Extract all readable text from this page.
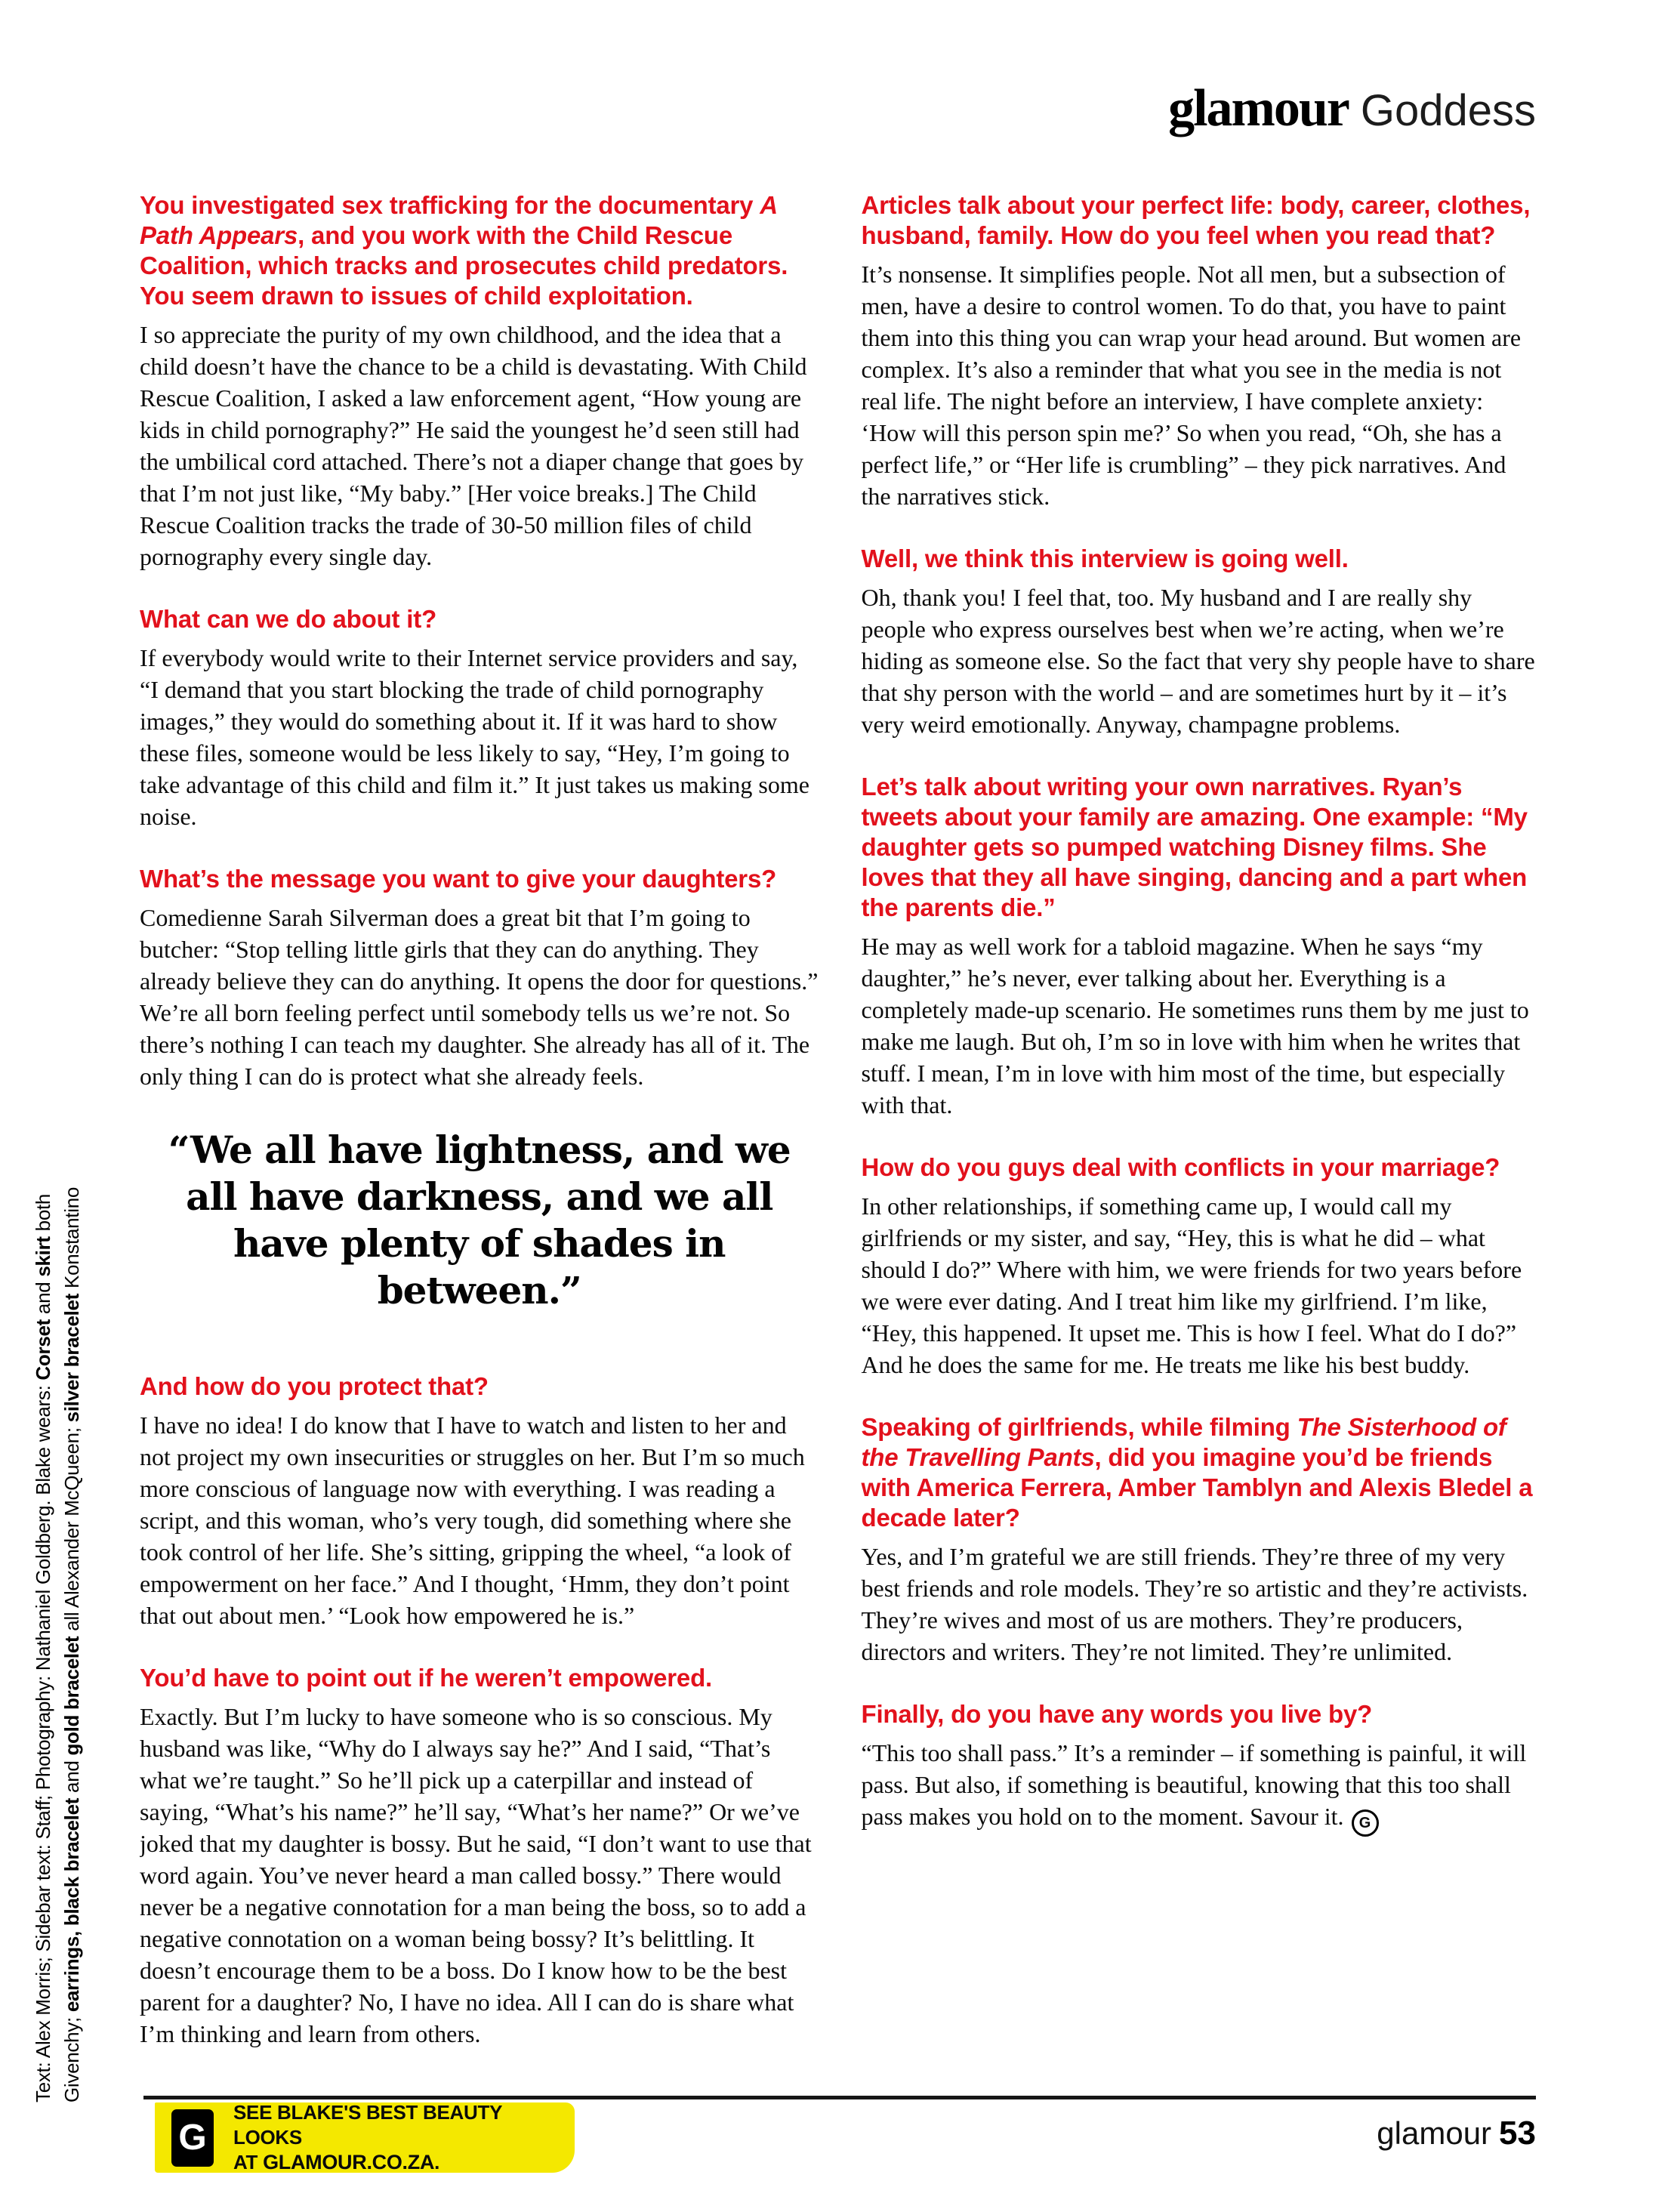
glamour Goddess
You investigated sex trafficking for the documentary A Path Appears, and you work with the Child Rescue Coalition, which tracks and prosecutes child predators. You seem drawn to issues of child exploitation.

I so appreciate the purity of my own childhood, and the idea that a child doesn’t have the chance to be a child is devastating. With Child Rescue Coalition, I asked a law enforcement agent, “How young are kids in child pornography?” He said the youngest he’d seen still had the umbilical cord attached. There’s not a diaper change that goes by that I’m not just like, “My baby.” [Her voice breaks.] The Child Rescue Coalition tracks the trade of 30-50 million files of child pornography every single day.

What can we do about it?

If everybody would write to their Internet service providers and say, “I demand that you start blocking the trade of child pornography images,” they would do something about it. If it was hard to show these files, someone would be less likely to say, “Hey, I’m going to take advantage of this child and film it.” It just takes us making some noise.

What’s the message you want to give your daughters?

Comedienne Sarah Silverman does a great bit that I’m going to butcher: “Stop telling little girls that they can do anything. They already believe they can do anything. It opens the door for questions.” We’re all born feeling perfect until somebody tells us we’re not. So there’s nothing I can teach my daughter. She already has all of it. The only thing I can do is protect what she already feels.

“We all have lightness, and we all have darkness, and we all have plenty of shades in between.”
And how do you protect that?

I have no idea! I do know that I have to watch and listen to her and not project my own insecurities or struggles on her. But I’m so much more conscious of language now with everything. I was reading a script, and this woman, who’s very tough, did something where she took control of her life. She’s sitting, gripping the wheel, “a look of empowerment on her face.” And I thought, ‘Hmm, they don’t point that out about men.’ “Look how empowered he is.”

You’d have to point out if he weren’t empowered.

Exactly. But I’m lucky to have someone who is so conscious. My husband was like, “Why do I always say he?” And I said, “That’s what we’re taught.” So he’ll pick up a caterpillar and instead of saying, “What’s his name?” he’ll say, “What’s her name?” Or we’ve joked that my daughter is bossy. But he said, “I don’t want to use that word again. You’ve never heard a man called bossy.” There would never be a negative connotation for a man being the boss, so to add a negative connotation on a woman being bossy? It’s belittling. It doesn’t encourage them to be a boss. Do I know how to be the best parent for a daughter? No, I have no idea. All I can do is share what I’m thinking and learn from others.

Articles talk about your perfect life: body, career, clothes, husband, family. How do you feel when you read that?

It’s nonsense. It simplifies people. Not all men, but a subsection of men, have a desire to control women. To do that, you have to paint them into this thing you can wrap your head around. But women are complex. It’s also a reminder that what you see in the media is not real life. The night before an interview, I have complete anxiety: ‘How will this person spin me?’ So when you read, “Oh, she has a perfect life,” or “Her life is crumbling” – they pick narratives. And the narratives stick.

Well, we think this interview is going well.

Oh, thank you! I feel that, too. My husband and I are really shy people who express ourselves best when we’re acting, when we’re hiding as someone else. So the fact that very shy people have to share that shy person with the world – and are sometimes hurt by it – it’s very weird emotionally. Anyway, champagne problems.

Let’s talk about writing your own narratives. Ryan’s tweets about your family are amazing. One example: “My daughter gets so pumped watching Disney films. She loves that they all have singing, dancing and a part when the parents die.”

He may as well work for a tabloid magazine. When he says “my daughter,” he’s never, ever talking about her. Everything is a completely made-up scenario. He sometimes runs them by me just to make me laugh. But oh, I’m so in love with him when he writes that stuff. I mean, I’m in love with him most of the time, but especially with that.

How do you guys deal with conflicts in your marriage?

In other relationships, if something came up, I would call my girlfriends or my sister, and say, “Hey, this is what he did – what should I do?” Where with him, we were friends for two years before we were ever dating. And I treat him like my girlfriend. I’m like, “Hey, this happened. It upset me. This is how I feel. What do I do?” And he does the same for me. He treats me like his best buddy.

Speaking of girlfriends, while filming The Sisterhood of the Travelling Pants, did you imagine you’d be friends with America Ferrera, Amber Tamblyn and Alexis Bledel a decade later?

Yes, and I’m grateful we are still friends. They’re three of my very best friends and role models. They’re so artistic and they’re activists. They’re wives and most of us are mothers. They’re producers, directors and writers. They’re not limited. They’re unlimited.

Finally, do you have any words you live by?

“This too shall pass.” It’s a reminder – if something is painful, it will pass. But also, if something is beautiful, knowing that this too shall pass makes you hold on to the moment. Savour it. G

Text: Alex Morris; Sidebar text: Staff; Photography: Nathaniel Goldberg. Blake wears: Corset and skirt both
Givenchy; earrings, black bracelet and gold bracelet all Alexander McQueen; silver bracelet Konstantino
G
SEE BLAKE'S BEST BEAUTY LOOKS
AT GLAMOUR.CO.ZA.
glamour 53
